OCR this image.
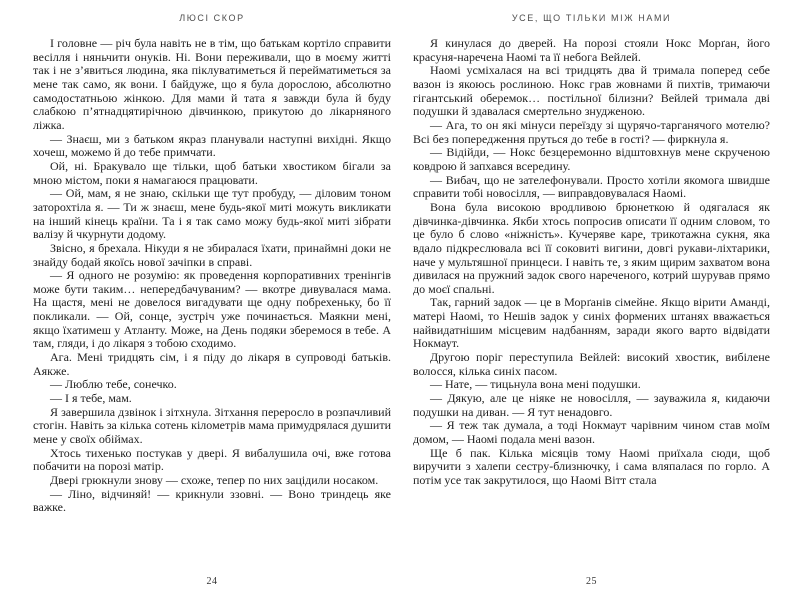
ЛЮСІ СКОР

І головне — річ була навіть не в тім, що батькам кортіло справити весілля і няньчити онуків. Ні. Вони переживали, що в моєму житті так і не з’явиться людина, яка піклуватиметься й перейматиметься за мене так само, як вони. І байдуже, що я була дорослою, абсолютно самодостатньою жінкою. Для мами й тата я завжди була й буду слабкою п’ятнадцятирічною дівчинкою, прикутою до лікарняного ліжка.

— Знаєш, ми з батьком якраз планували наступні вихідні. Якщо хочеш, можемо й до тебе примчати.

Ой, ні. Бракувало ще тільки, щоб батьки хвостиком бігали за мною містом, поки я намагаюся працювати.

— Ой, мам, я не знаю, скільки ще тут пробуду, — діловим тоном заторохтіла я. — Ти ж знаєш, мене будь-якої миті можуть викликати на інший кінець країни. Та і я так само можу будь-якої миті зібрати валізу й чкурнути додому.

Звісно, я брехала. Нікуди я не збиралася їхати, принаймні доки не знайду бодай якоїсь нової зачіпки в справі.

— Я одного не розумію: як проведення корпоративних тренінгів може бути таким… непередбачуваним? — вкотре дивувалася мама. На щастя, мені не довелося вигадувати ще одну побрехеньку, бо її покликали. — Ой, сонце, зустріч уже починається. Маякни мені, якщо їхатимеш у Атланту. Може, на День подяки зберемося в тебе. А там, гляди, і до лікаря з тобою сходимо.

Ага. Мені тридцять сім, і я піду до лікаря в супроводі батьків. Аякже.

— Люблю тебе, сонечко.

— І я тебе, мам.

Я завершила дзвінок і зітхнула. Зітхання переросло в розпачливий стогін. Навіть за кілька сотень кілометрів мама примудрялася душити мене у своїх обіймах.

Хтось тихенько постукав у двері. Я вибалушила очі, вже готова побачити на порозі матір.

Двері грюкнули знову — схоже, тепер по них зацідили носаком.

— Ліно, відчиняй! — крикнули ззовні. — Воно триндець яке важке.

24
УСЕ, ЩО ТІЛЬКИ МІЖ НАМИ

Я кинулася до дверей. На порозі стояли Нокс Морґан, його красуня-наречена Наомі та її небога Вейлей.

Наомі усміхалася на всі тридцять два й тримала поперед себе вазон із якоюсь рослиною. Нокс грав жовнами й пихтів, тримаючи гігантський оберемок… постільної білизни? Вейлей тримала дві подушки й здавалася смертельно знудженою.

— Ага, то он які мінуси переїзду зі щурячо-тарганячого мотелю? Всі без попередження пруться до тебе в гості? — фиркнула я.

— Відійди, — Нокс безцеремонно відштовхнув мене скрученою ковдрою й запхався всередину.

— Вибач, що не зателефонували. Просто хотіли якомога швидше справити тобі новосілля, — виправдовувалася Наомі.

Вона була високою вродливою брюнеткою й одягалася як дівчинка-дівчинка. Якби хтось попросив описати її одним словом, то це було б слово «ніжність». Кучеряве каре, трикотажна сукня, яка вдало підкреслювала всі її соковиті вигини, довгі рукави-ліхтарики, наче у мультяшної принцеси. І навіть те, з яким щирим захватом вона дивилася на пружний задок свого нареченого, котрий шурував прямо до моєї спальні.

Так, гарний задок — це в Морґанів сімейне. Якщо вірити Аманді, матері Наомі, то Нешів задок у синіх формених штанях вважається найвидатнішим місцевим надбанням, заради якого варто відвідати Нокмаут.

Другою поріг переступила Вейлей: високий хвостик, вибілене волосся, кілька синіх пасом.

— Нате, — тицьнула вона мені подушки.

— Дякую, але це ніяке не новосілля, — зауважила я, кидаючи подушки на диван. — Я тут ненадовго.

— Я теж так думала, а тоді Нокмаут чарівним чином став моїм домом, — Наомі подала мені вазон.

Ще б пак. Кілька місяців тому Наомі приїхала сюди, щоб виручити з халепи сестру-близнючку, і сама вляпалася по горло. А потім усе так закрутилося, що Наомі Вітт стала

25
